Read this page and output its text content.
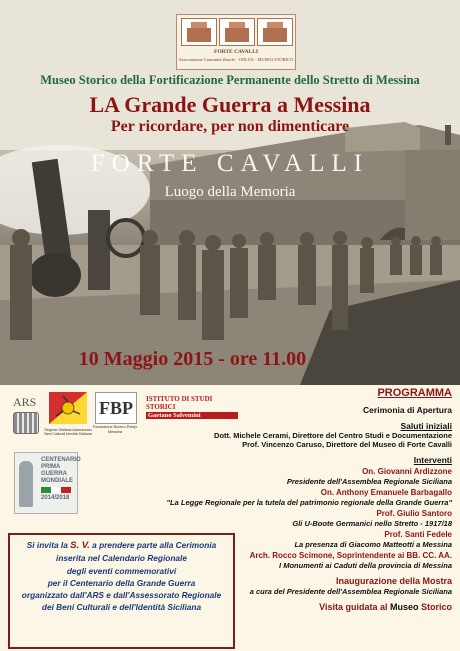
FORTE CAVALLI
Associazione Comunità Zancle · ONLUS · MUSEO STORICO
Museo Storico della Fortificazione Permanente dello Stretto di Messina
LA Grande Guerra a Messina
Per ricordare, per non dimenticare
FORTE CAVALLI
Luogo della Memoria
10 Maggio 2015 - ore 11.00
ARS
Regione Siciliana Assessorato Beni Culturali Identità Siciliana
FBP
Fondazione Bonino-Pulejo Messina
ISTITUTO DI STUDI STORICI
Gaetano Salvemini
CENTENARIO PRIMA GUERRA MONDIALE
2014/2018
Si invita la S. V. a prendere parte alla Cerimonia
inserita nel Calendario Regionale
degli eventi commemorativi
per il Centenario della Grande Guerra
organizzato dall'ARS e dall'Assessorato Regionale
dei Beni Culturali e dell'Identità Siciliana
PROGRAMMA
Cerimonia di Apertura
Saluti iniziali
Dott. Michele Cerami, Direttore del Centro Studi e Documentazione
Prof. Vincenzo Caruso, Direttore del Museo di Forte Cavalli
Interventi
On. Giovanni Ardizzone
Presidente dell'Assemblea Regionale Siciliana
On. Anthony Emanuele Barbagallo
"La Legge Regionale per la tutela del patrimonio regionale della Grande Guerra"
Prof. Giulio Santoro
Gli U-Boote Germanici nello Stretto - 1917/18
Prof. Santi Fedele
La presenza di Giacomo Matteotti a Messina
Arch. Rocco Scimone, Soprintendente ai BB. CC. AA.
I Monumenti ai Caduti della provincia di Messina
Inaugurazione della Mostra
a cura del Presidente dell'Assemblea Regionale Siciliana
Visita guidata al Museo Storico
